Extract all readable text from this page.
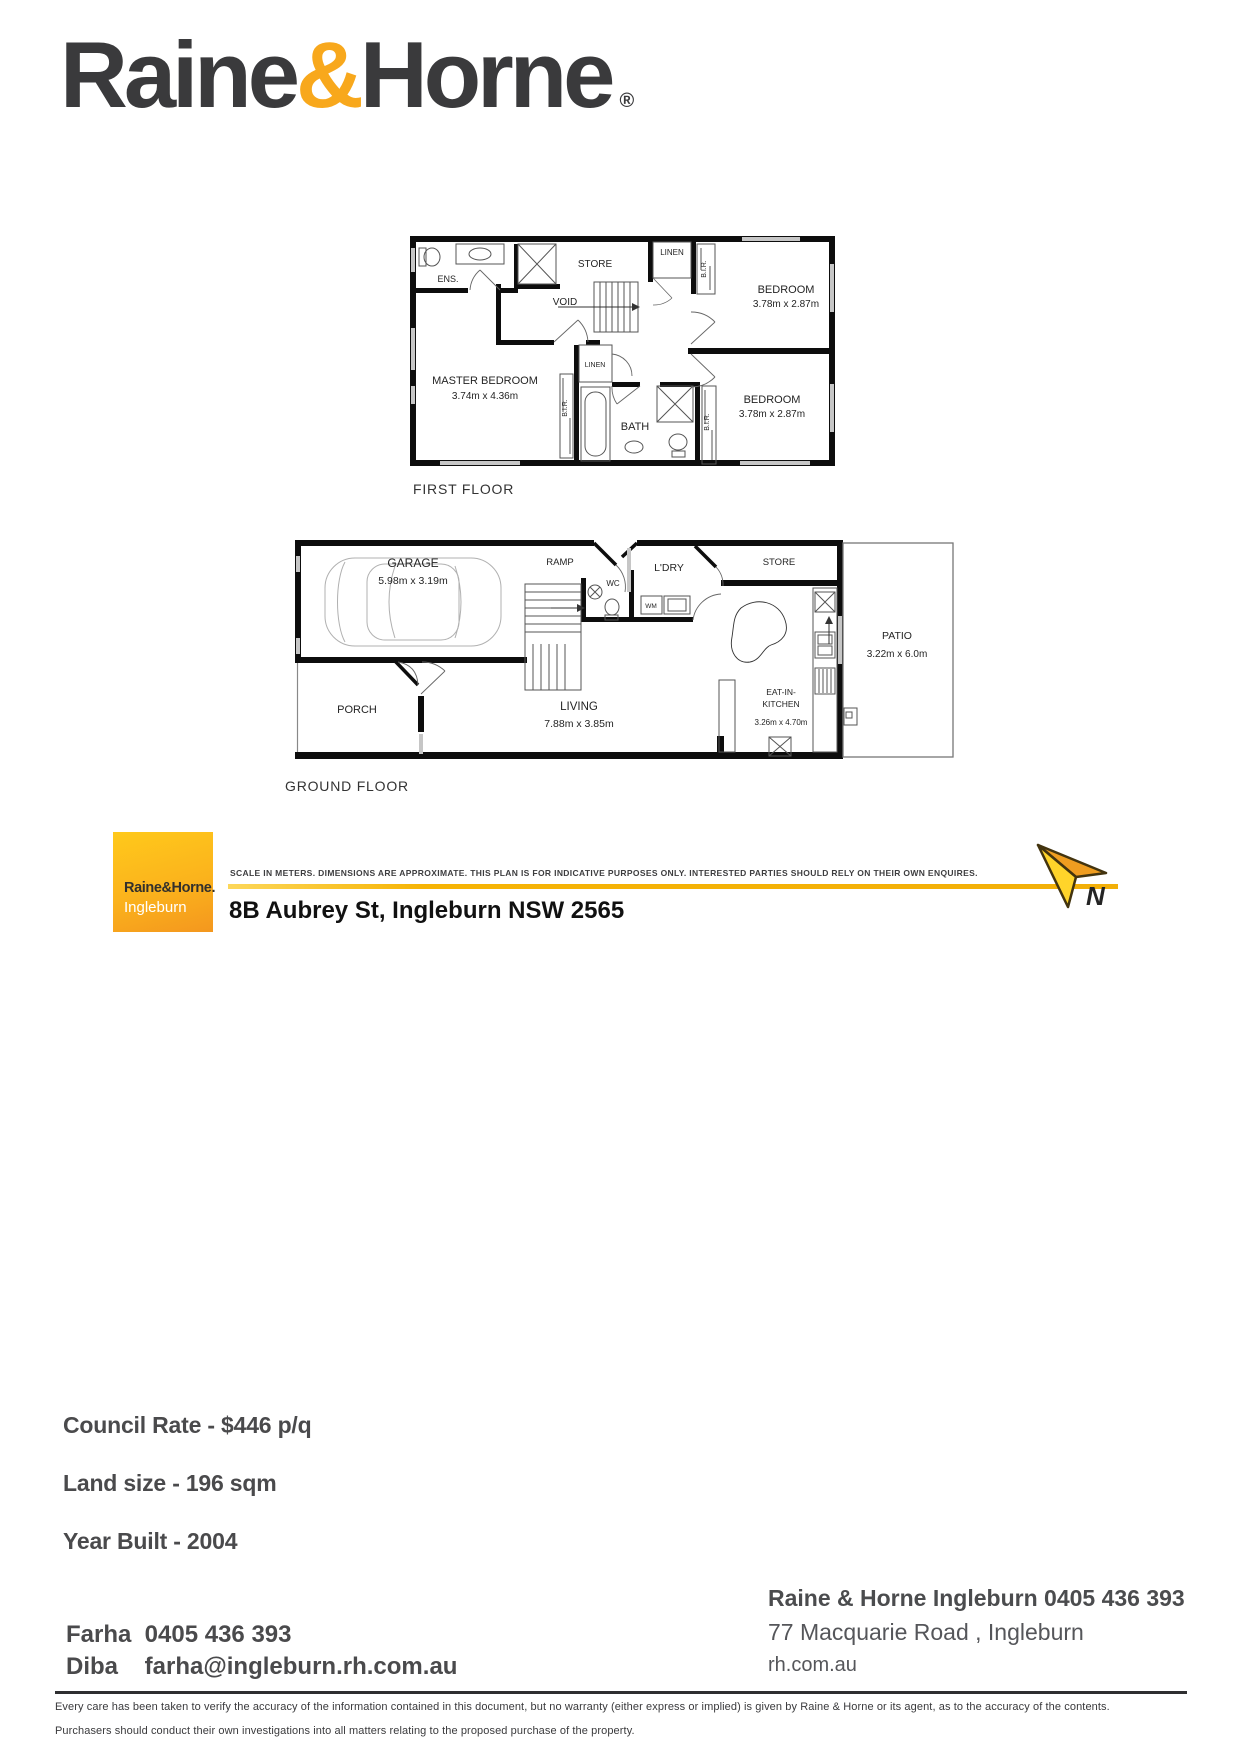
Raine&Horne ®
ENS.
STORE
VOID
LINEN
B.I.R.
BEDROOM
3.78m x 2.87m
MASTER BEDROOM
3.74m x 4.36m
LINEN
B.I.R.
BATH	B.I.R.
BEDROOM
3.78m x 2.87m
FIRST FLOOR
GARAGE
5.98m x 3.19m
RAMP
WC
L'DRY
WM
STORE
PATIO
3.22m x 6.0m
PORCH	LIVING
7.88m x 3.85m
EAT-IN-
KITCHEN
3.26m x 4.70m
GROUND FLOOR
Raine&Horne.
Ingleburn
SCALE IN METERS. DIMENSIONS ARE APPROXIMATE. THIS PLAN IS FOR INDICATIVE PURPOSES ONLY. INTERESTED PARTIES SHOULD RELY ON THEIR OWN ENQUIRES.
8B Aubrey St, Ingleburn NSW 2565	N
Council Rate - $446 p/q
Land size - 196 sqm
Year Built - 2004
Farha 0405 436 393
Diba farha@ingleburn.rh.com.au
Raine & Horne Ingleburn 0405 436 393
77 Macquarie Road , Ingleburn
rh.com.au
Every care has been taken to verify the accuracy of the information contained in this document, but no warranty (either express or implied) is given by Raine & Horne or its agent, as to the accuracy of the contents.
Purchasers should conduct their own investigations into all matters relating to the proposed purchase of the property.
